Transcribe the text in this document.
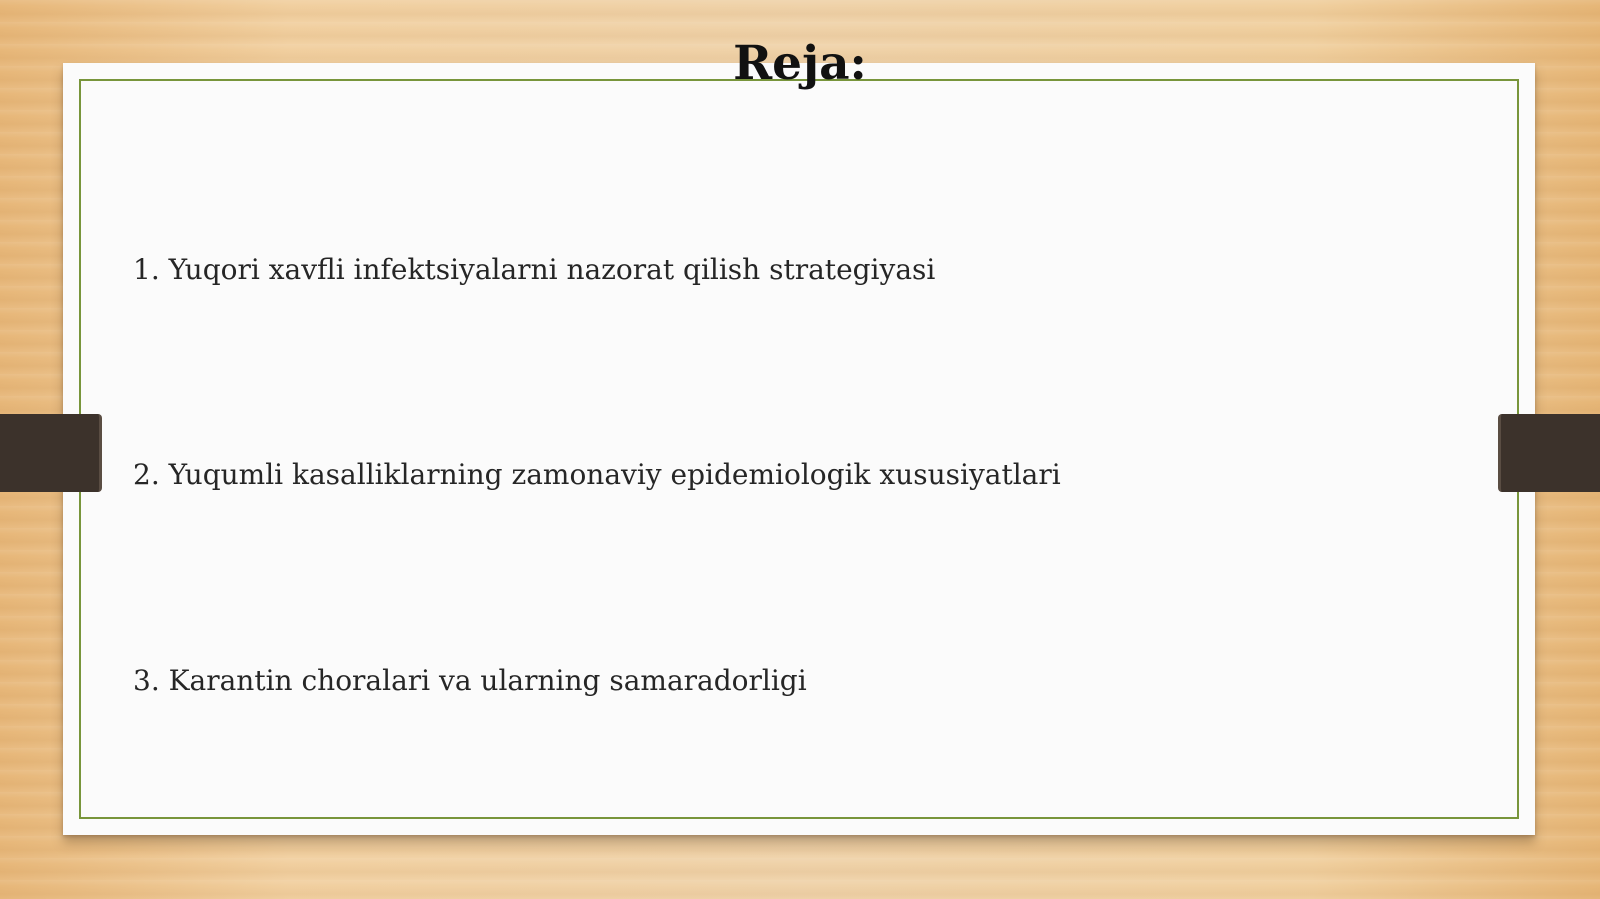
Reja:
1. Yuqori xavfli infektsiyalarni nazorat qilish strategiyasi
2. Yuqumli kasalliklarning zamonaviy epidemiologik xususiyatlari
3. Karantin choralari va ularning samaradorligi
